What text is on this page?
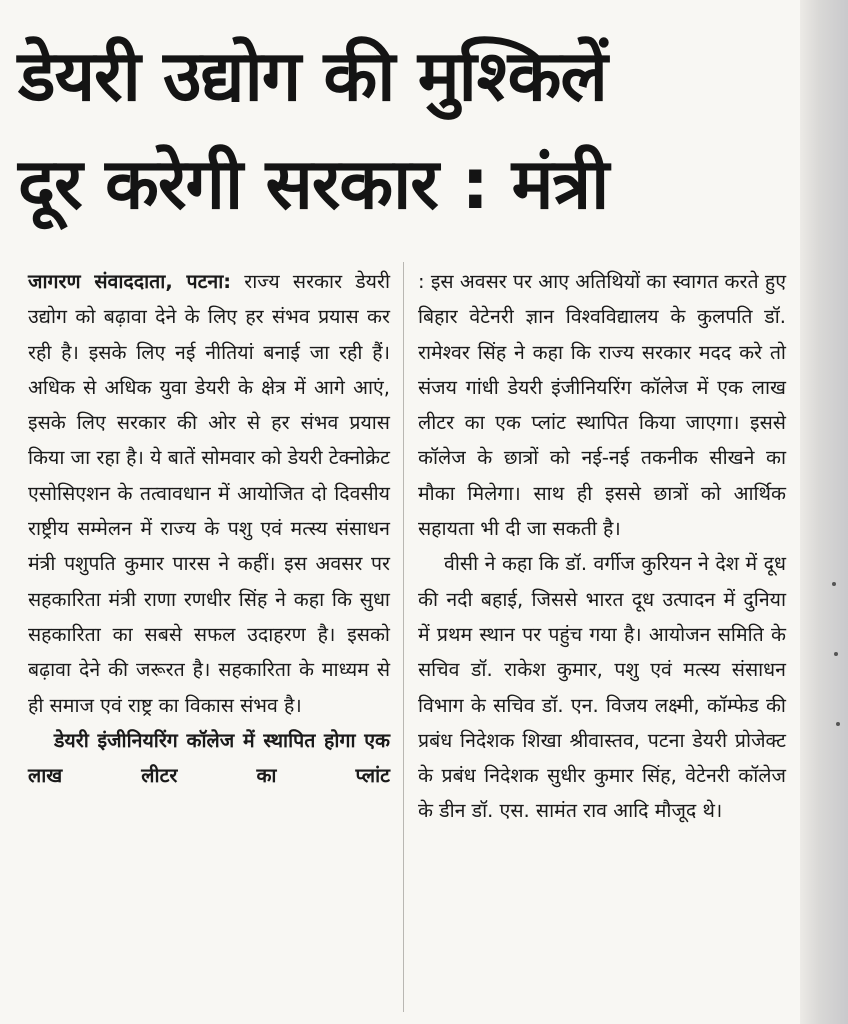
डेयरी उद्योग की मुश्किलें
दूर करेगी सरकार : मंत्री

जागरण संवाददाता, पटना: राज्य सरकार डेयरी उद्योग को बढ़ावा देने के लिए हर संभव प्रयास कर रही है। इसके लिए नई नीतियां बनाई जा रही हैं। अधिक से अधिक युवा डेयरी के क्षेत्र में आगे आएं, इसके लिए सरकार की ओर से हर संभव प्रयास किया जा रहा है। ये बातें सोमवार को डेयरी टेक्नोक्रेट एसोसिएशन के तत्वावधान में आयोजित दो दिवसीय राष्ट्रीय सम्मेलन में राज्य के पशु एवं मत्स्य संसाधन मंत्री पशुपति कुमार पारस ने कहीं। इस अवसर पर सहकारिता मंत्री राणा रणधीर सिंह ने कहा कि सुधा सहकारिता का सबसे सफल उदाहरण है। इसको बढ़ावा देने की जरूरत है। सहकारिता के माध्यम से ही समाज एवं राष्ट्र का विकास संभव है।

डेयरी इंजीनियरिंग कॉलेज में स्थापित होगा एक लाख लीटर का प्लांट

: इस अवसर पर आए अतिथियों का स्वागत करते हुए बिहार वेटेनरी ज्ञान विश्वविद्यालय के कुलपति डॉ. रामेश्वर सिंह ने कहा कि राज्य सरकार मदद करे तो संजय गांधी डेयरी इंजीनियरिंग कॉलेज में एक लाख लीटर का एक प्लांट स्थापित किया जाएगा। इससे कॉलेज के छात्रों को नई-नई तकनीक सीखने का मौका मिलेगा। साथ ही इससे छात्रों को आर्थिक सहायता भी दी जा सकती है।

वीसी ने कहा कि डॉ. वर्गीज कुरियन ने देश में दूध की नदी बहाई, जिससे भारत दूध उत्पादन में दुनिया में प्रथम स्थान पर पहुंच गया है। आयोजन समिति के सचिव डॉ. राकेश कुमार, पशु एवं मत्स्य संसाधन विभाग के सचिव डॉ. एन. विजय लक्ष्मी, कॉम्फेड की प्रबंध निदेशक शिखा श्रीवास्तव, पटना डेयरी प्रोजेक्ट के प्रबंध निदेशक सुधीर कुमार सिंह, वेटेनरी कॉलेज के डीन डॉ. एस. सामंत राव आदि मौजूद थे।
